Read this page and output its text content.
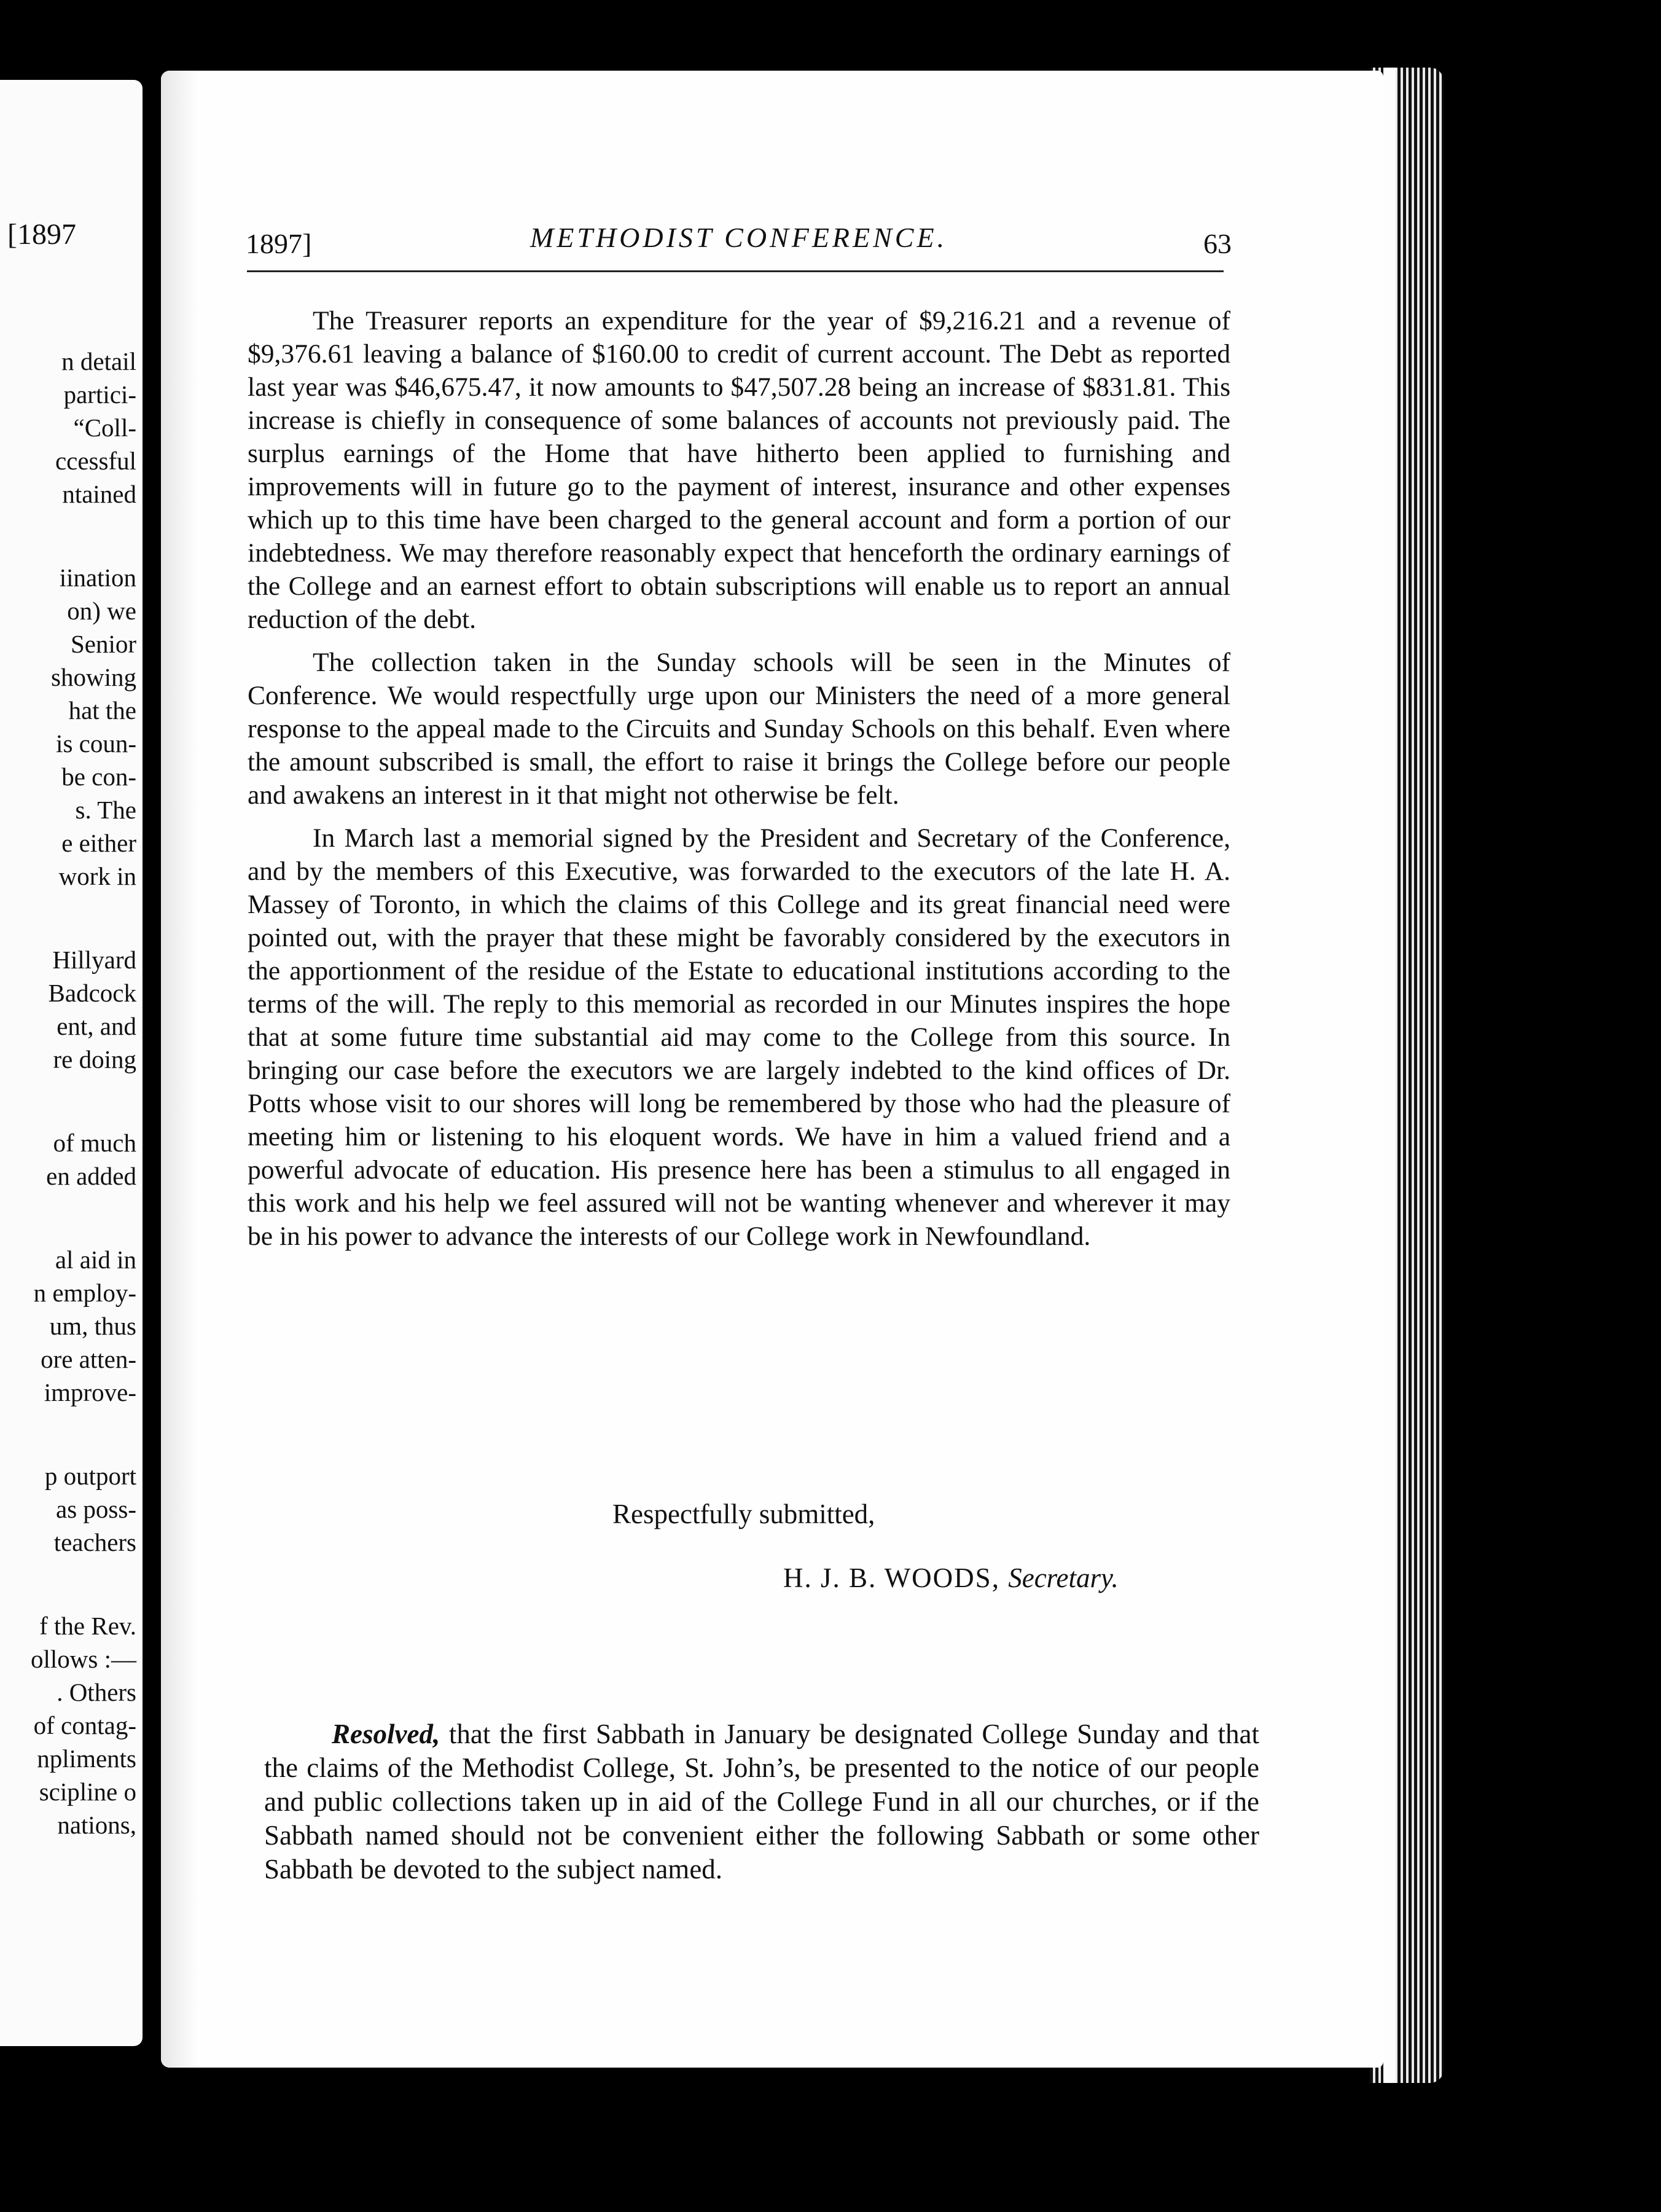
[1897
n detail
partici-
“Coll-
ccessful
ntained
iination
on) we
Senior
showing
hat the
is coun-
be con-
s. The
e either
work in
Hillyard
Badcock
ent, and
re doing
of much
en added
al aid in
n employ-
um, thus
ore atten-
improve-
p outport
as poss-
teachers
f the Rev.
ollows :—
. Others
of contag-
npliments
scipline o
nations,
1897]	METHODIST CONFERENCE.	63

The Treasurer reports an expenditure for the year of $9,216.21 and a revenue of $9,376.61 leaving a balance of $160.00 to credit of current account. The Debt as reported last year was $46,675.47, it now amounts to $47,507.28 being an increase of $831.81. This increase is chiefly in consequence of some balances of accounts not previously paid. The surplus earnings of the Home that have hitherto been applied to furnishing and improvements will in future go to the payment of interest, insurance and other expenses which up to this time have been charged to the general account and form a portion of our indebtedness. We may therefore reasonably expect that henceforth the ordinary earnings of the College and an earnest effort to obtain subscriptions will enable us to report an annual reduction of the debt.

The collection taken in the Sunday schools will be seen in the Minutes of Conference. We would respectfully urge upon our Ministers the need of a more general response to the appeal made to the Circuits and Sunday Schools on this behalf. Even where the amount subscribed is small, the effort to raise it brings the College before our people and awakens an interest in it that might not otherwise be felt.

In March last a memorial signed by the President and Secretary of the Conference, and by the members of this Executive, was forwarded to the executors of the late H. A. Massey of Toronto, in which the claims of this College and its great financial need were pointed out, with the prayer that these might be favorably considered by the executors in the apportionment of the residue of the Estate to educational institutions according to the terms of the will. The reply to this memorial as recorded in our Minutes inspires the hope that at some future time substantial aid may come to the College from this source. In bringing our case before the executors we are largely indebted to the kind offices of Dr. Potts whose visit to our shores will long be remembered by those who had the pleasure of meeting him or listening to his eloquent words. We have in him a valued friend and a powerful advocate of education. His presence here has been a stimulus to all engaged in this work and his help we feel assured will not be wanting whenever and wherever it may be in his power to advance the interests of our College work in Newfoundland.

Respectfully submitted,
H. J. B. WOODS, Secretary.

Resolved, that the first Sabbath in January be designated College Sunday and that the claims of the Methodist College, St. John’s, be presented to the notice of our people and public collections taken up in aid of the College Fund in all our churches, or if the Sabbath named should not be convenient either the following Sabbath or some other Sabbath be devoted to the subject named.
